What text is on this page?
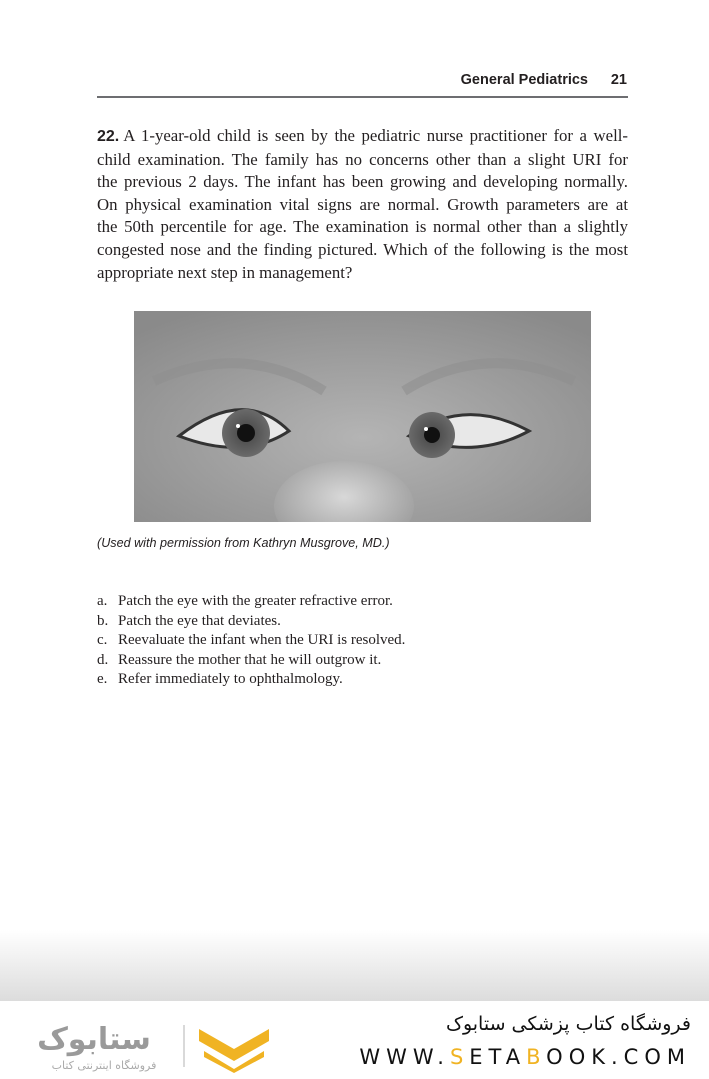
General Pediatrics 21
22. A 1-year-old child is seen by the pediatric nurse practitioner for a well-
child examination. The family has no concerns other than a slight URI for
the previous 2 days. The infant has been growing and developing normally.
On physical examination vital signs are normal. Growth parameters are at
the 50th percentile for age. The examination is normal other than a slightly
congested nose and the finding pictured. Which of the following is the most
appropriate next step in management?
(Used with permission from Kathryn Musgrove, MD.)
a. Patch the eye with the greater refractive error.
b. Patch the eye that deviates.
c. Reevaluate the infant when the URI is resolved.
d. Reassure the mother that he will outgrow it.
e. Refer immediately to ophthalmology.
ستابوک
فروشگاه اینترنتی کتاب
فروشگاه کتاب پزشکی ستابوک
WWW.SETABOOK.COM
